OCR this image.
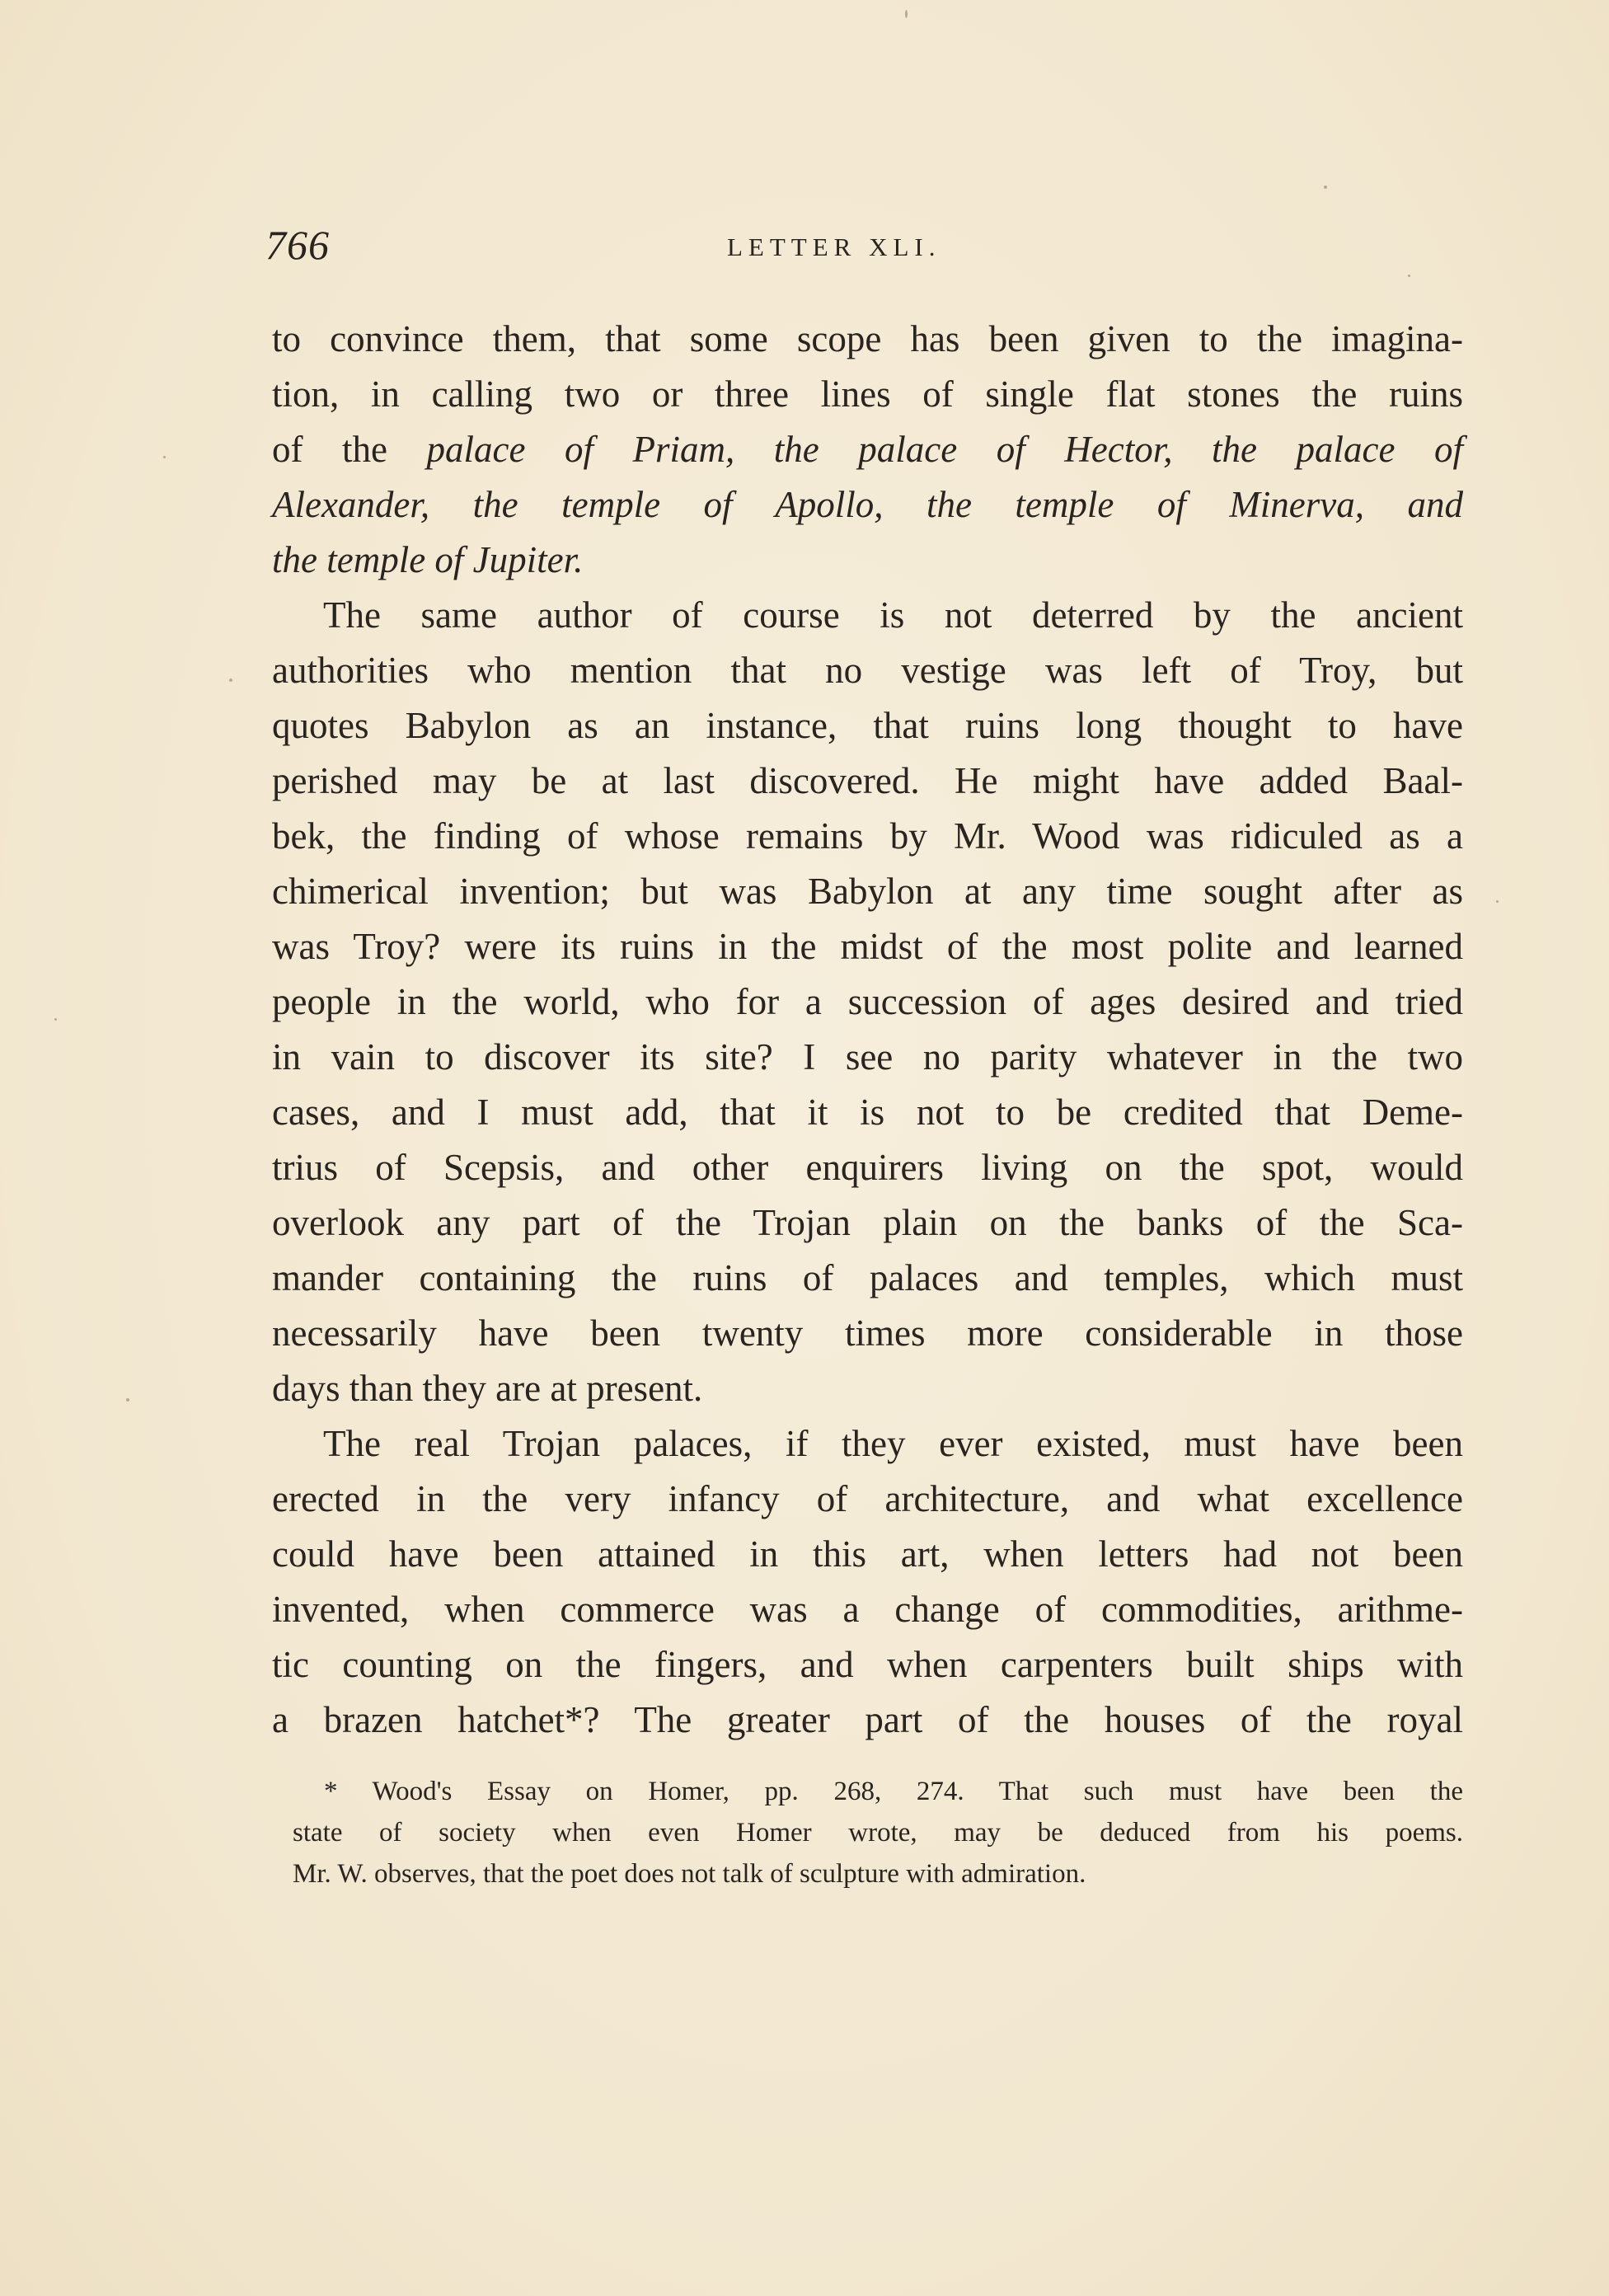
766	LETTER XLI.
to convince them, that some scope has been given to the imagina-
tion, in calling two or three lines of single flat stones the ruins
of the palace of Priam, the palace of Hector, the palace of
Alexander, the temple of Apollo, the temple of Minerva, and
the temple of Jupiter.
The same author of course is not deterred by the ancient
authorities who mention that no vestige was left of Troy, but
quotes Babylon as an instance, that ruins long thought to have
perished may be at last discovered. He might have added Baal-
bek, the finding of whose remains by Mr. Wood was ridiculed as a
chimerical invention; but was Babylon at any time sought after as
was Troy? were its ruins in the midst of the most polite and learned
people in the world, who for a succession of ages desired and tried
in vain to discover its site? I see no parity whatever in the two
cases, and I must add, that it is not to be credited that Deme-
trius of Scepsis, and other enquirers living on the spot, would
overlook any part of the Trojan plain on the banks of the Sca-
mander containing the ruins of palaces and temples, which must
necessarily have been twenty times more considerable in those
days than they are at present.
The real Trojan palaces, if they ever existed, must have been
erected in the very infancy of architecture, and what excellence
could have been attained in this art, when letters had not been
invented, when commerce was a change of commodities, arithme-
tic counting on the fingers, and when carpenters built ships with
a brazen hatchet*? The greater part of the houses of the royal
* Wood's Essay on Homer, pp. 268, 274. That such must have been the
state of society when even Homer wrote, may be deduced from his poems.
Mr. W. observes, that the poet does not talk of sculpture with admiration.
